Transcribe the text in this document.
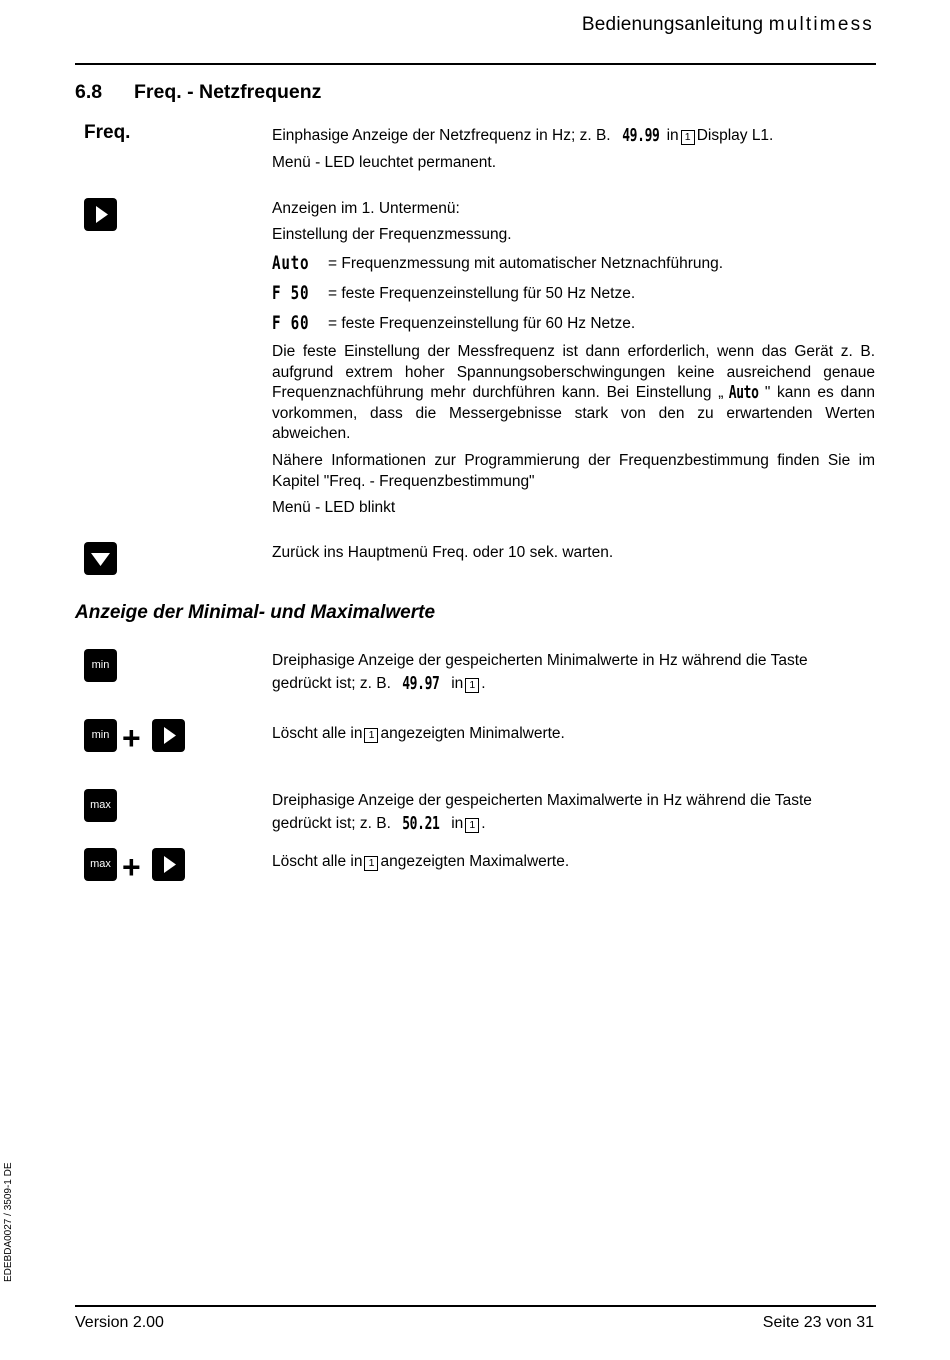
Bedienungsanleitung multimess
6.8 Freq. - Netzfrequenz
Freq.	Einphasige Anzeige der Netzfrequenz in Hz; z. B. 49.99 in 1 Display L1.
Menü - LED leuchtet permanent.
Anzeigen im 1. Untermenü:
Einstellung der Frequenzmessung.
Auto = Frequenzmessung mit automatischer Netznachführung.
F 50 = feste Frequenzeinstellung für 50 Hz Netze.
F 60 = feste Frequenzeinstellung für 60 Hz Netze.
Die feste Einstellung der Messfrequenz ist dann erforderlich, wenn das Gerät z. B. aufgrund extrem hoher Spannungsoberschwingungen keine ausreichend genaue Frequenznachführung mehr durchführen kann. Bei Einstellung „ Auto " kann es dann vorkommen, dass die Messergebnisse stark von den zu erwartenden Werten abweichen.
Nähere Informationen zur Programmierung der Frequenzbestimmung finden Sie im Kapitel "Freq. - Frequenzbestimmung"
Menü - LED blinkt
Zurück ins Hauptmenü Freq. oder 10 sek. warten.
Anzeige der Minimal- und Maximalwerte
min	Dreiphasige Anzeige der gespeicherten Minimalwerte in Hz während die Taste
gedrückt ist; z. B. 49.97 in 1 .
min +	Löscht alle in 1 angezeigten Minimalwerte.
max	Dreiphasige Anzeige der gespeicherten Maximalwerte in Hz während die Taste
gedrückt ist; z. B. 50.21 in 1 .
max +	Löscht alle in 1 angezeigten Maximalwerte.
EDEBDA0027 / 3509-1 DE
Version 2.00	Seite 23 von 31
